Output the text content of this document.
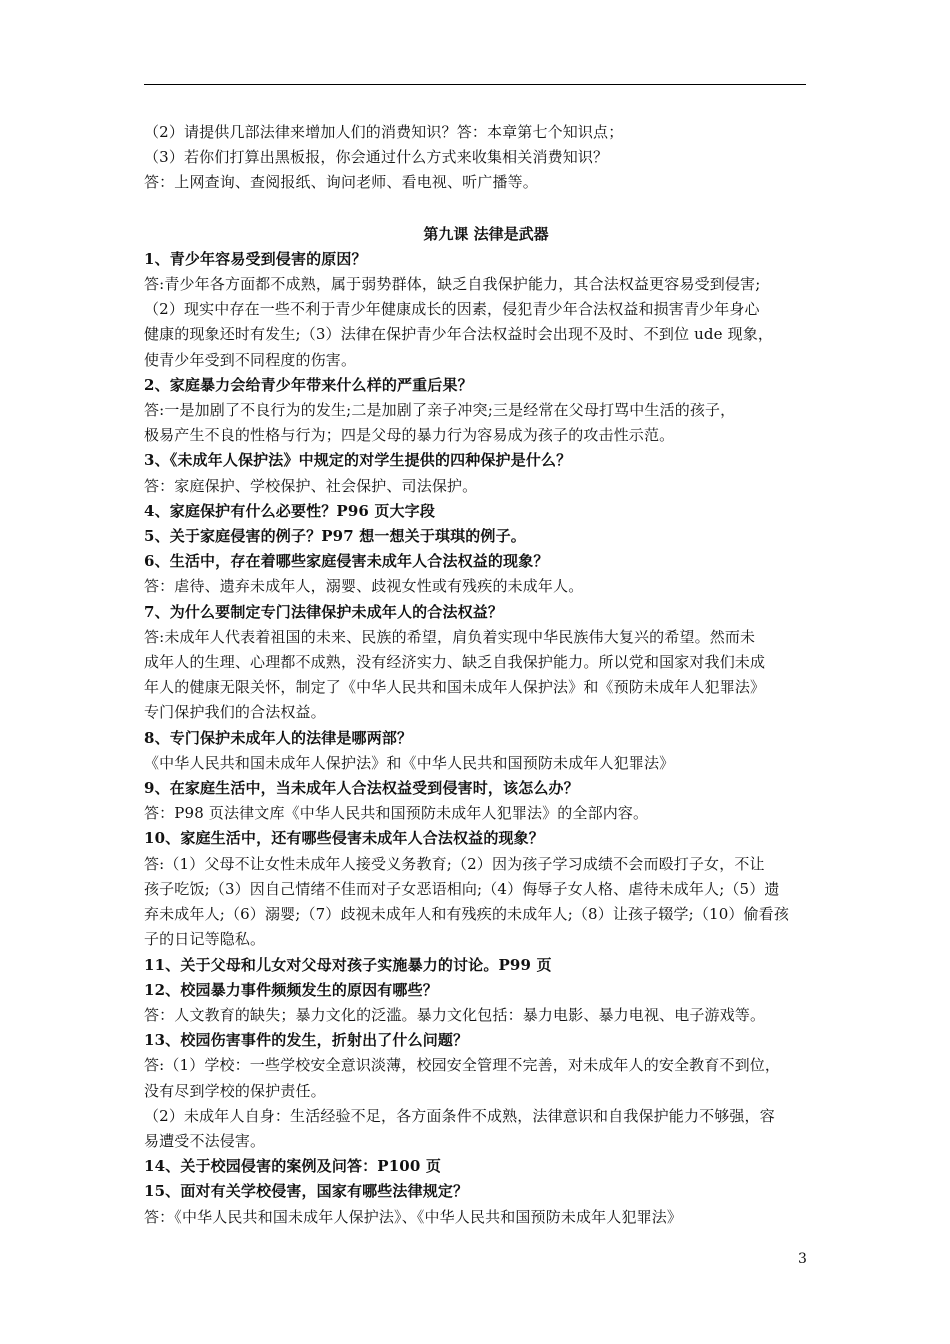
（2）请提供几部法律来增加人们的消费知识？答：本章第七个知识点；
（3）若你们打算出黑板报，你会通过什么方式来收集相关消费知识？
答：上网查询、查阅报纸、询问老师、看电视、听广播等。
第九课 法律是武器
1、青少年容易受到侵害的原因？
答:青少年各方面都不成熟，属于弱势群体，缺乏自我保护能力，其合法权益更容易受到侵害;
（2）现实中存在一些不利于青少年健康成长的因素，侵犯青少年合法权益和损害青少年身心
健康的现象还时有发生;（3）法律在保护青少年合法权益时会出现不及时、不到位 ude 现象，
使青少年受到不同程度的伤害。
2、家庭暴力会给青少年带来什么样的严重后果？
答:一是加剧了不良行为的发生;二是加剧了亲子冲突;三是经常在父母打骂中生活的孩子，
极易产生不良的性格与行为；四是父母的暴力行为容易成为孩子的攻击性示范。
3、《未成年人保护法》中规定的对学生提供的四种保护是什么？
答：家庭保护、学校保护、社会保护、司法保护。
4、家庭保护有什么必要性？P96 页大字段
5、关于家庭侵害的例子？P97 想一想关于琪琪的例子。
6、生活中，存在着哪些家庭侵害未成年人合法权益的现象？
答：虐待、遗弃未成年人，溺婴、歧视女性或有残疾的未成年人。
7、为什么要制定专门法律保护未成年人的合法权益？
答:未成年人代表着祖国的未来、民族的希望，肩负着实现中华民族伟大复兴的希望。然而未
成年人的生理、心理都不成熟，没有经济实力、缺乏自我保护能力。所以党和国家对我们未成
年人的健康无限关怀，制定了《中华人民共和国未成年人保护法》和《预防未成年人犯罪法》
专门保护我们的合法权益。
8、专门保护未成年人的法律是哪两部？
《中华人民共和国未成年人保护法》和《中华人民共和国预防未成年人犯罪法》
9、在家庭生活中，当未成年人合法权益受到侵害时，该怎么办？
答：P98 页法律文库《中华人民共和国预防未成年人犯罪法》的全部内容。
10、家庭生活中，还有哪些侵害未成年人合法权益的现象？
答:（1）父母不让女性未成年人接受义务教育;（2）因为孩子学习成绩不会而殴打子女，不让
孩子吃饭;（3）因自己情绪不佳而对子女恶语相向;（4）侮辱子女人格、虐待未成年人;（5）遗
弃未成年人;（6）溺婴;（7）歧视未成年人和有残疾的未成年人;（8）让孩子辍学;（10）偷看孩
子的日记等隐私。
11、关于父母和儿女对父母对孩子实施暴力的讨论。P99 页
12、校园暴力事件频频发生的原因有哪些？
答：人文教育的缺失；暴力文化的泛滥。暴力文化包括：暴力电影、暴力电视、电子游戏等。
13、校园伤害事件的发生，折射出了什么问题？
答:（1）学校：一些学校安全意识淡薄，校园安全管理不完善，对未成年人的安全教育不到位，
没有尽到学校的保护责任。
（2）未成年人自身：生活经验不足，各方面条件不成熟，法律意识和自我保护能力不够强，容
易遭受不法侵害。
14、关于校园侵害的案例及问答：P100 页
15、面对有关学校侵害，国家有哪些法律规定？
答：《中华人民共和国未成年人保护法》、《中华人民共和国预防未成年人犯罪法》
3
